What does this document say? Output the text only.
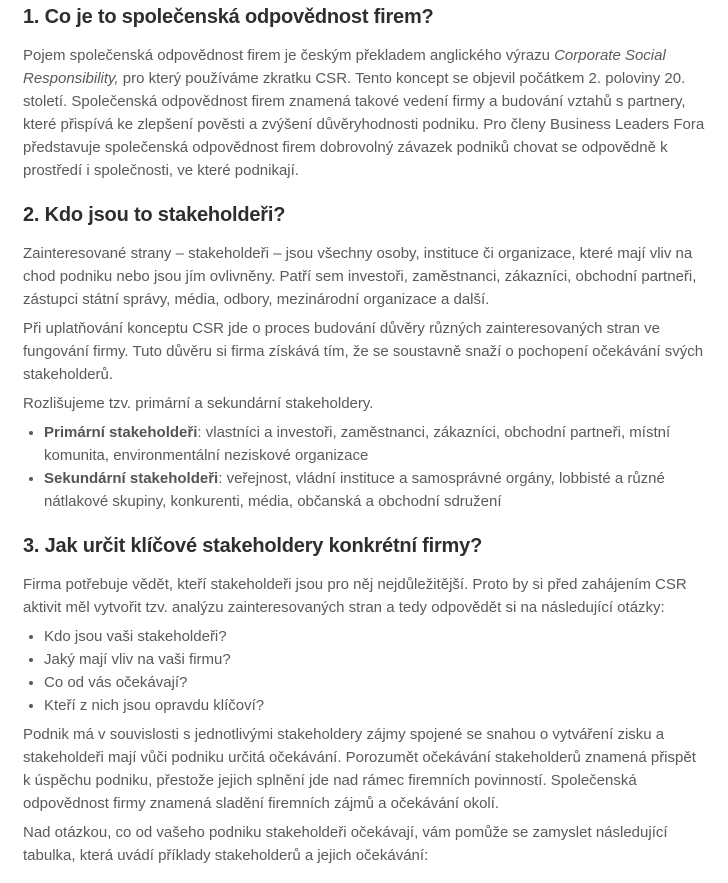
1. Co je to společenská odpovědnost firem?

Pojem společenská odpovědnost firem je českým překladem anglického výrazu Corporate Social Responsibility, pro který používáme zkratku CSR. Tento koncept se objevil počátkem 2. poloviny 20. století. Společenská odpovědnost firem znamená takové vedení firmy a budování vztahů s partnery, které přispívá ke zlepšení pověsti a zvýšení důvěryhodnosti podniku. Pro členy Business Leaders Fora představuje společenská odpovědnost firem dobrovolný závazek podniků chovat se odpovědně k prostředí i společnosti, ve které podnikají.

2. Kdo jsou to stakeholdeři?

Zainteresované strany – stakeholdeři – jsou všechny osoby, instituce či organizace, které mají vliv na chod podniku nebo jsou jím ovlivněny. Patří sem investoři, zaměstnanci, zákazníci, obchodní partneři, zástupci státní správy, média, odbory, mezinárodní organizace a další.

Při uplatňování konceptu CSR jde o proces budování důvěry různých zainteresovaných stran ve fungování firmy. Tuto důvěru si firma získává tím, že se soustavně snaží o pochopení očekávání svých stakeholderů.

Rozlišujeme tzv. primární a sekundární stakeholdery.

• Primární stakeholdeři: vlastníci a investoři, zaměstnanci, zákazníci, obchodní partneři, místní komunita, environmentální neziskové organizace
• Sekundární stakeholdeři: veřejnost, vládní instituce a samosprávné orgány, lobbisté a různé nátlakové skupiny, konkurenti, média, občanská a obchodní sdružení
3. Jak určit klíčové stakeholdery konkrétní firmy?

Firma potřebuje vědět, kteří stakeholdeři jsou pro něj nejdůležitější. Proto by si před zahájením CSR aktivit měl vytvořit tzv. analýzu zainteresovaných stran a tedy odpovědět si na následující otázky:

• Kdo jsou vaši stakeholdeři?
• Jaký mají vliv na vaši firmu?
• Co od vás očekávají?
• Kteří z nich jsou opravdu klíčoví?

Podnik má v souvislosti s jednotlivými stakeholdery zájmy spojené se snahou o vytváření zisku a stakeholdeři mají vůči podniku určitá očekávání. Porozumět očekávání stakeholderů znamená přispět k úspěchu podniku, přestože jejich splnění jde nad rámec firemních povinností. Společenská odpovědnost firmy znamená sladění firemních zájmů a očekávání okolí.

Nad otázkou, co od vašeho podniku stakeholdeři očekávají, vám pomůže se zamyslet následující tabulka, která uvádí příklady stakeholderů a jejich očekávání:
